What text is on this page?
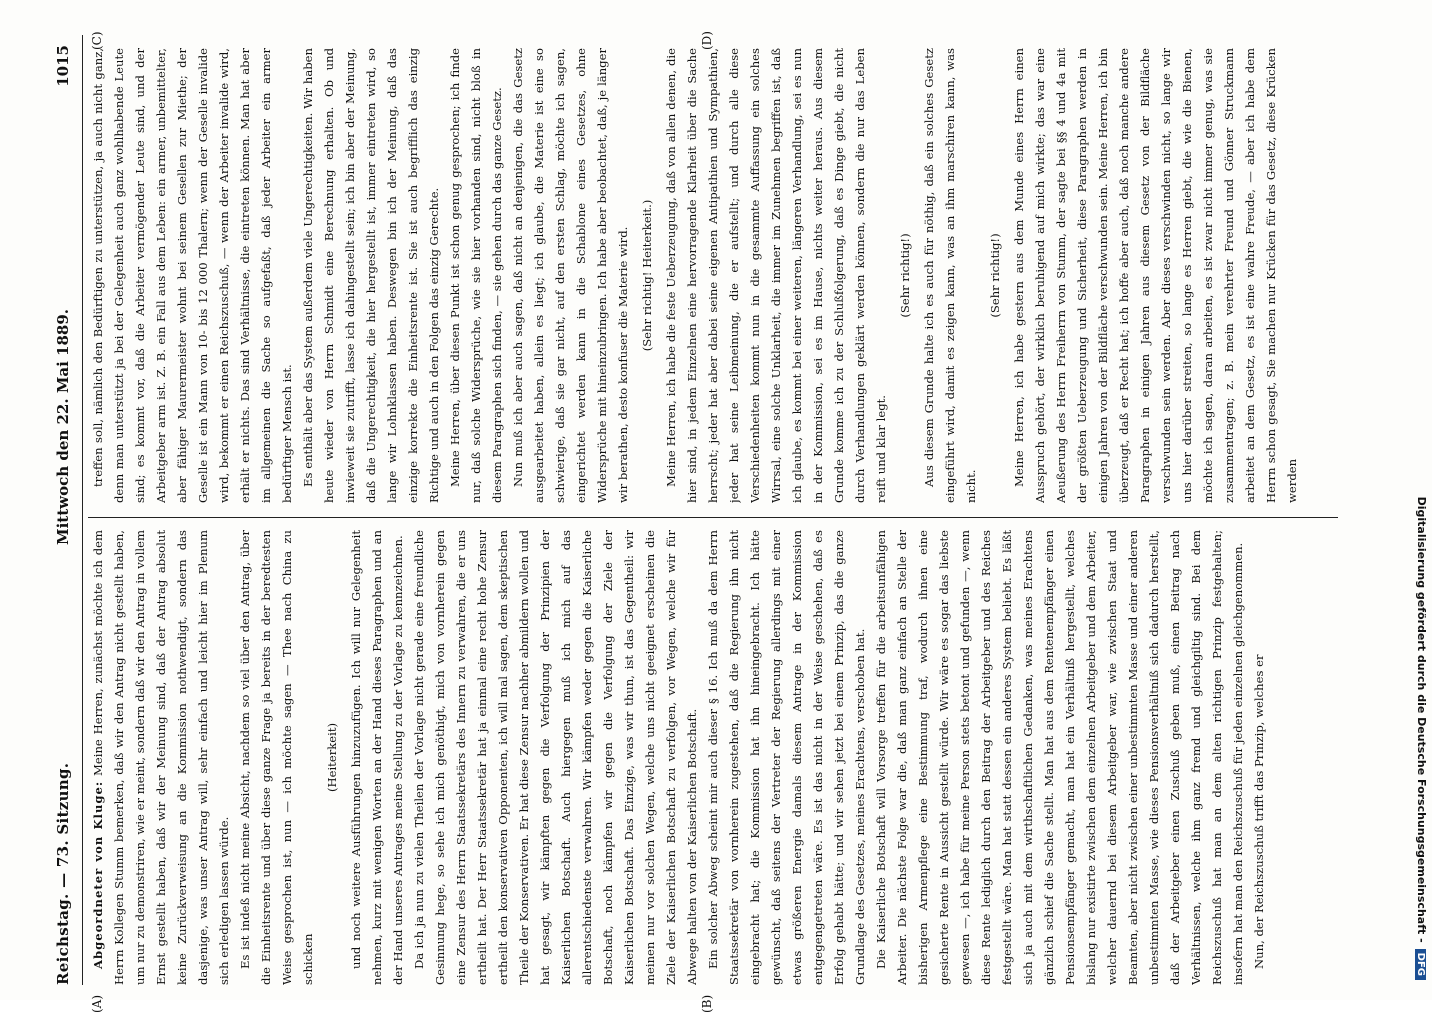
Reichstag. — 73. Sitzung.
Mittwoch den 22. Mai 1889.
1015
(A)	(B)
(C)	(D)

Abgeordneter von Kluge: Meine Herren, zunächst möchte ich dem Herrn Kollegen Stumm bemerken, daß wir den Antrag nicht gestellt haben, um nur zu demonstriren, wie er meint, sondern daß wir den Antrag in vollem Ernst gestellt haben, daß wir der Meinung sind, daß der Antrag absolut keine Zurückverweisung an die Kommission nothwendigt, sondern das dasjenige, was unser Antrag will, sehr einfach und leicht hier im Plenum sich erledigen lassen würde. Es ist indeß nicht meine Absicht, nachdem so viel über den Antrag, über die Einheitsrente und über diese ganze Frage ja bereits in der beredtesten Weise gesprochen ist, nun — ich möchte sagen — Thee nach China zu schicken

(Heiterkeit) und noch weitere Ausführungen hinzuzufügen. Ich will nur Gelegenheit nehmen, kurz mit wenigen Worten an der Hand dieses Paragraphen und an der Hand unseres Antrages meine Stellung zu der Vorlage zu kennzeichnen. Da ich ja nun zu vielen Theilen der Vorlage nicht gerade eine freundliche Gesinnung hege, so sehe ich mich genöthigt, mich von vornherein gegen eine Zensur des Herrn Staatssekretärs des Innern zu verwahren, die er uns ertheilt hat. Der Herr Staatssekretär hat ja einmal eine recht hohe Zensur ertheilt den konservativen Opponenten, ich will mal sagen, dem skeptischen Theile der Konservativen. Er hat diese Zensur nachher abmildern wollen und hat gesagt, wir kämpften gegen die Verfolgung der Prinzipien der Kaiserlichen Botschaft. Auch hiergegen muß ich mich auf das allerentschiedenste verwahren. Wir kämpfen weder gegen die Kaiserliche Botschaft, noch kämpfen wir gegen die Verfolgung der Ziele der Kaiserlichen Botschaft. Das Einzige, was wir thun, ist das Gegentheil: wir meinen nur vor solchen Wegen, welche uns nicht geeignet erscheinen die Ziele der Kaiserlichen Botschaft zu verfolgen, vor Wegen, welche wir für Abwege halten von der Kaiserlichen Botschaft. Ein solcher Abweg scheint mir auch dieser § 16. Ich muß da dem Herrn Staatssekretär von vornherein zugestehen, daß die Regierung ihn nicht eingebracht hat; die Kommission hat ihn hineingebracht. Ich hätte gewünscht, daß seitens der Vertreter der Regierung allerdings mit einer etwas größeren Energie damals diesem Antrage in der Kommission entgegengetreten wäre. Es ist das nicht in der Weise geschehen, daß es Erfolg gehabt hätte; und wir sehen jetzt bei einem Prinzip, das die ganze Grundlage des Gesetzes, meines Erachtens, verschoben hat. Die Kaiserliche Botschaft will Vorsorge treffen für die arbeitsunfähigen Arbeiter. Die nächste Folge war die, daß man ganz einfach an Stelle der bisherigen Armenpflege eine Bestimmung traf, wodurch ihnen eine gesicherte Rente in Aussicht gestellt würde. Wir wäre es sogar das liebste gewesen —, ich habe für meine Person stets betont und gefunden —, wenn diese Rente lediglich durch den Beitrag der Arbeitgeber und des Reiches festgestellt wäre. Man hat statt dessen ein anderes System beliebt. Es läßt sich ja auch mit dem wirthschaftlichen Gedanken, was meines Erachtens gänzlich schief die Sache stellt. Man hat aus dem Rentenempfänger einen Pensionsempfänger gemacht, man hat ein Verhältniß hergestellt, welches bislang nur existirte zwischen dem einzelnen Arbeitgeber und dem Arbeiter, welcher dauernd bei diesem Arbeitgeber war, wie zwischen Staat und Beamten, aber nicht zwischen einer unbestimmten Masse und einer anderen unbestimmten Masse, wie dieses Pensionsverhältniß sich dadurch herstellt, daß der Arbeitgeber einen Zuschuß geben muß, einen Beitrag nach Verhältnissen, welche ihm ganz fremd und gleichgiltig sind. Bei dem Reichszuschuß hat man an dem alten richtigen Prinzip festgehalten; insofern hat man den Reichszuschuß für jeden einzelnen gleichgenommen. Nun, der Reichszuschuß trifft das Prinzip, welches er

treffen soll, nämlich den Bedürftigen zu unterstützen, ja auch nicht ganz, denn man unterstützt ja bei der Gelegenheit auch ganz wohlhabende Leute sind; es kommt vor, daß die Arbeiter vermögender Leute sind, und der Arbeitgeber arm ist. Z. B. ein Fall aus dem Leben: ein armer, unbemittelter, aber fähiger Maurermeister wohnt bei seinem Gesellen zur Miethe; der Geselle ist ein Mann von 10- bis 12 000 Thalern; wenn der Geselle invalide wird, bekommt er einen Reichszuschuß, — wenn der Arbeiter invalide wird, erhält er nichts. Das sind Verhältnisse, die eintreten können. Man hat aber im allgemeinen die Sache so aufgefaßt, daß jeder Arbeiter ein armer bedürftiger Mensch ist. Es enthält aber das System außerdem viele Ungerechtigkeiten. Wir haben heute wieder von Herrn Schmidt eine Berechnung erhalten. Ob und inwieweit sie zutrifft, lasse ich dahingestellt sein; ich bin aber der Meinung, daß die Ungerechtigkeit, die hier hergestellt ist, immer eintreten wird, so lange wir Lohnklassen haben. Deswegen bin ich der Meinung, daß das einzige korrekte die Einheitsrente ist. Sie ist auch begrifflich das einzig Richtige und auch in den Folgen das einzig Gerechte. Meine Herren, über diesen Punkt ist schon genug gesprochen; ich finde nur, daß solche Widersprüche, wie sie hier vorhanden sind, nicht bloß in diesem Paragraphen sich finden, — sie gehen durch das ganze Gesetz. Nun muß ich aber auch sagen, daß nicht an denjenigen, die das Gesetz ausgearbeitet haben, allein es liegt; ich glaube, die Materie ist eine so schwierige, daß sie gar nicht, auf den ersten Schlag, möchte ich sagen, eingerichtet werden kann in die Schablone eines Gesetzes, ohne Widersprüche mit hineinzubringen. Ich habe aber beobachtet, daß, je länger wir berathen, desto konfuser die Materie wird. (Sehr richtig! Heiterkeit.) Meine Herren, ich habe die feste Ueberzeugung, daß von allen denen, die hier sind, in jedem Einzelnen eine hervorragende Klarheit über die Sache herrscht; jeder hat aber dabei seine eigenen Antipathien und Sympathien, jeder hat seine Leibmeinung, die er aufstellt; und durch alle diese Verschiedenheiten kommt nun in die gesammte Auffassung ein solches Wirrsal, eine solche Unklarheit, die immer im Zunehmen begriffen ist, daß ich glaube, es kommt bei einer weiteren, längeren Verhandlung, sei es nun in der Kommission, sei es im Hause, nichts weiter heraus. Aus diesem Grunde komme ich zu der Schlußfolgerung, daß es Dinge giebt, die nicht durch Verhandlungen geklärt werden können, sondern die nur das Leben reift und klar legt.

(Sehr richtig!) Aus diesem Grunde halte ich es auch für nöthig, daß ein solches Gesetz eingeführt wird, damit es zeigen kann, was an ihm marschiren kann, was nicht.

(Sehr richtig!) Meine Herren, ich habe gestern aus dem Munde eines Herrn einen Ausspruch gehört, der wirklich beruhigend auf mich wirkte; das war eine Aeußerung des Herrn Freiherrn von Stumm, der sagte bei §§ 4 und 4a mit der größten Ueberzeugung und Sicherheit, diese Paragraphen werden in einigen Jahren von der Bildfläche verschwunden sein. Meine Herren, ich bin überzeugt, daß er Recht hat; ich hoffe aber auch, daß noch manche andere Paragraphen in einigen Jahren aus diesem Gesetz von der Bildfläche verschwunden sein werden. Aber dieses verschwinden nicht, so lange wir uns hier darüber streiten, so lange es Herren giebt, die wie die Bienen, möchte ich sagen, daran arbeiten, es ist zwar nicht immer genug, was sie zusammentragen; z. B. mein verehrter Freund und Gönner Struckmann arbeitet an dem Gesetz, es ist eine wahre Freude, — aber ich habe dem Herrn schon gesagt, Sie machen nur Krücken für das Gesetz, diese Krücken werden

Digitalisierung gefördert durch die Deutsche Forschungsgemeinschaft -DFG
